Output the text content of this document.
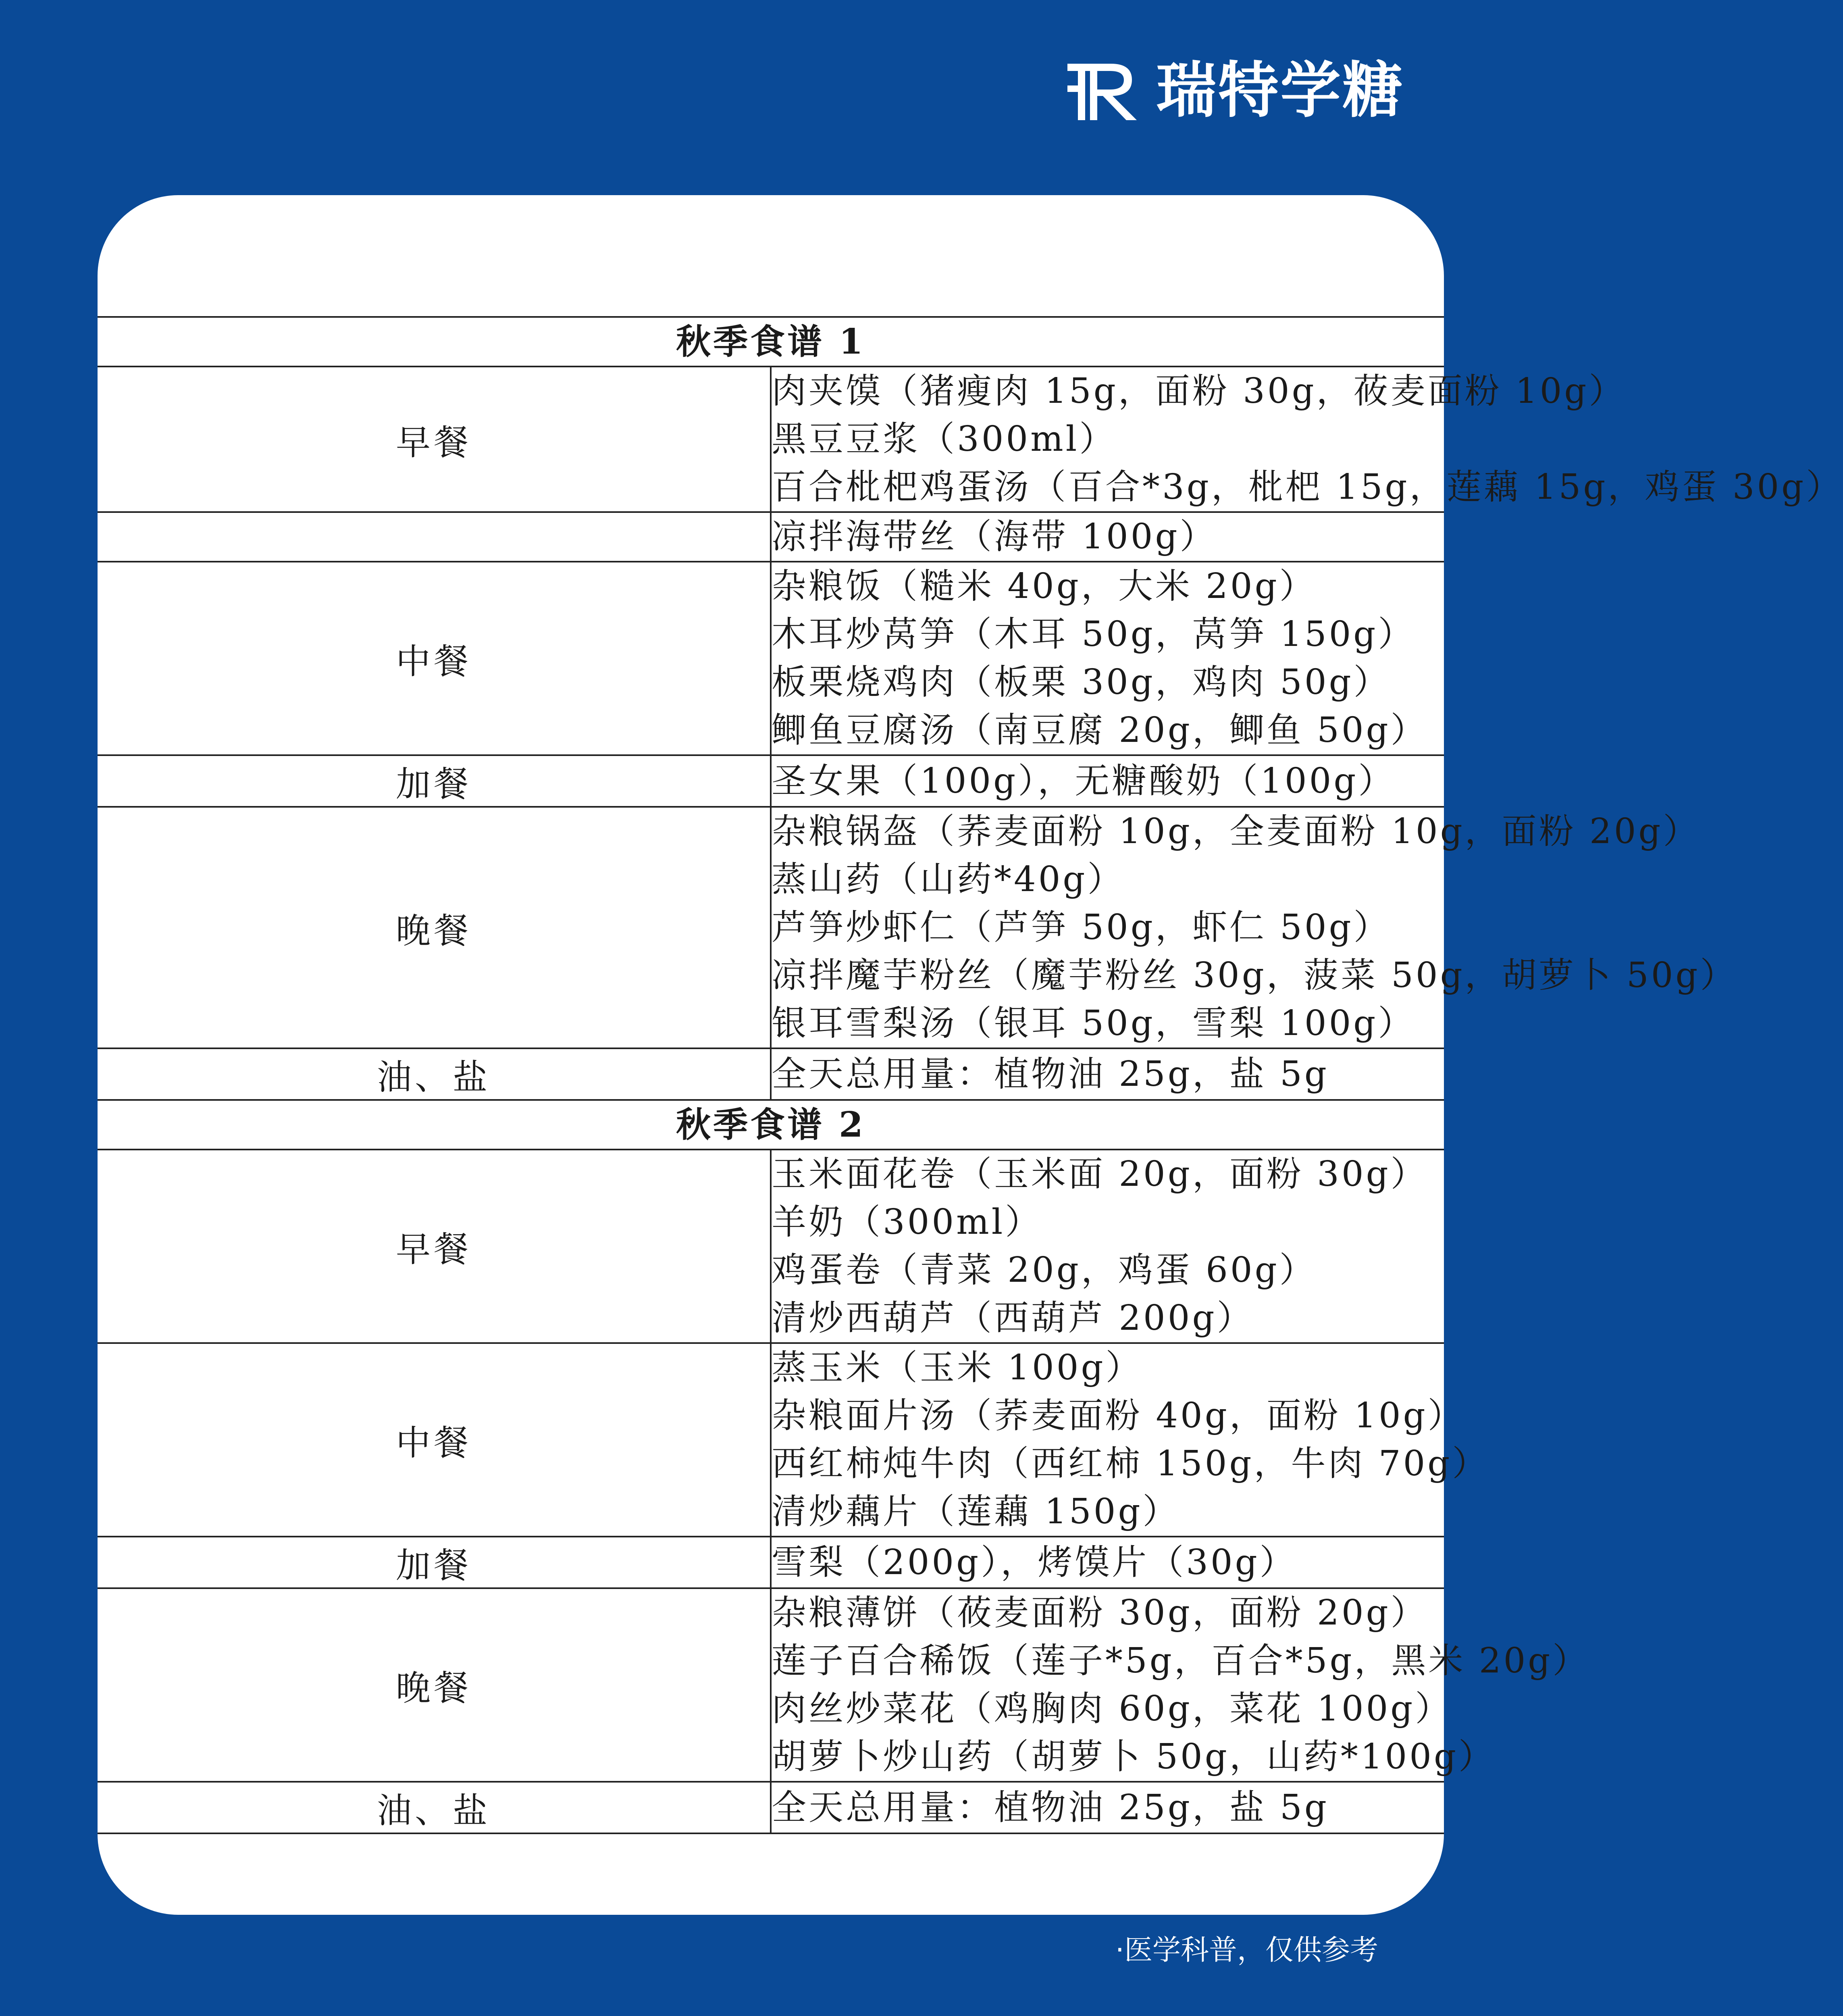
瑞特学糖
秋季食谱 1	
早餐	肉夹馍（猪瘦肉 15g，面粉 30g，莜麦面粉 10g）
黑豆豆浆（300ml）
百合枇杷鸡蛋汤（百合*3g，枇杷 15g，莲藕 15g，鸡蛋 30g）

	凉拌海带丝（海带 100g）

中餐	杂粮饭（糙米 40g，大米 20g）
木耳炒莴笋（木耳 50g，莴笋 150g）
板栗烧鸡肉（板栗 30g，鸡肉 50g）
鲫鱼豆腐汤（南豆腐 20g，鲫鱼 50g）

加餐	圣女果（100g），无糖酸奶（100g）

晚餐	杂粮锅盔（荞麦面粉 10g，全麦面粉 10g，面粉 20g）
蒸山药（山药*40g）
芦笋炒虾仁（芦笋 50g，虾仁 50g）
凉拌魔芋粉丝（魔芋粉丝 30g，菠菜 50g，胡萝卜 50g）
银耳雪梨汤（银耳 50g，雪梨 100g）

油、盐	全天总用量：植物油 25g，盐 5g

秋季食谱 2	
早餐	玉米面花卷（玉米面 20g，面粉 30g）
羊奶（300ml）
鸡蛋卷（青菜 20g，鸡蛋 60g）
清炒西葫芦（西葫芦 200g）

中餐	蒸玉米（玉米 100g）
杂粮面片汤（荞麦面粉 40g，面粉 10g）
西红柿炖牛肉（西红柿 150g，牛肉 70g）
清炒藕片（莲藕 150g）

加餐	雪梨（200g），烤馍片（30g）

晚餐	杂粮薄饼（莜麦面粉 30g，面粉 20g）
莲子百合稀饭（莲子*5g，百合*5g，黑米 20g）
肉丝炒菜花（鸡胸肉 60g，菜花 100g）
胡萝卜炒山药（胡萝卜 50g，山药*100g）

油、盐	全天总用量：植物油 25g，盐 5g
·医学科普，仅供参考
